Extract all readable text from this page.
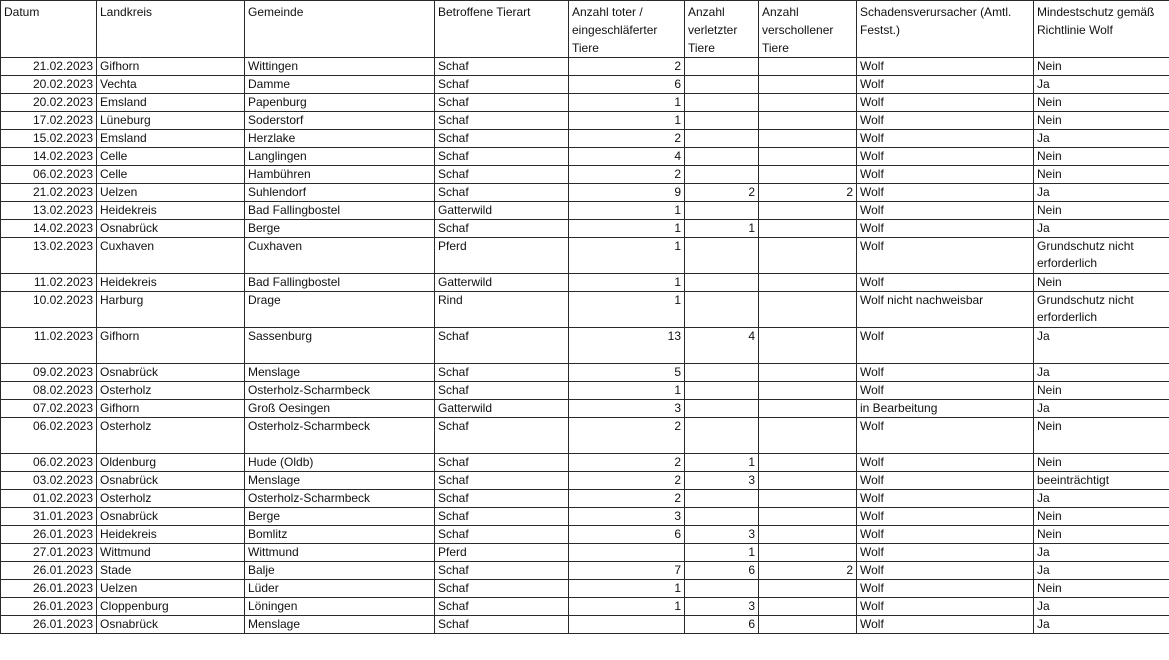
Datum	Landkreis	Gemeinde	Betroffene Tierart	Anzahl toter / eingeschläferter Tiere	Anzahl verletzter Tiere	Anzahl verschollener Tiere	Schadensverursacher (Amtl. Festst.)	Mindestschutz gemäß Richtlinie Wolf
21.02.2023	Gifhorn	Wittingen	Schaf	2			Wolf	Nein
20.02.2023	Vechta	Damme	Schaf	6			Wolf	Ja
20.02.2023	Emsland	Papenburg	Schaf	1			Wolf	Nein
17.02.2023	Lüneburg	Soderstorf	Schaf	1			Wolf	Nein
15.02.2023	Emsland	Herzlake	Schaf	2			Wolf	Ja
14.02.2023	Celle	Langlingen	Schaf	4			Wolf	Nein
06.02.2023	Celle	Hambühren	Schaf	2			Wolf	Nein
21.02.2023	Uelzen	Suhlendorf	Schaf	9	2	2	Wolf	Ja
13.02.2023	Heidekreis	Bad Fallingbostel	Gatterwild	1			Wolf	Nein
14.02.2023	Osnabrück	Berge	Schaf	1	1		Wolf	Ja
13.02.2023	Cuxhaven	Cuxhaven	Pferd	1			Wolf	Grundschutz nicht erforderlich
11.02.2023	Heidekreis	Bad Fallingbostel	Gatterwild	1			Wolf	Nein
10.02.2023	Harburg	Drage	Rind	1			Wolf nicht nachweisbar	Grundschutz nicht erforderlich
11.02.2023	Gifhorn	Sassenburg	Schaf	13	4		Wolf	Ja
09.02.2023	Osnabrück	Menslage	Schaf	5			Wolf	Ja
08.02.2023	Osterholz	Osterholz-Scharmbeck	Schaf	1			Wolf	Nein
07.02.2023	Gifhorn	Groß Oesingen	Gatterwild	3			in Bearbeitung	Ja
06.02.2023	Osterholz	Osterholz-Scharmbeck	Schaf	2			Wolf	Nein
06.02.2023	Oldenburg	Hude (Oldb)	Schaf	2	1		Wolf	Nein
03.02.2023	Osnabrück	Menslage	Schaf	2	3		Wolf	beeinträchtigt
01.02.2023	Osterholz	Osterholz-Scharmbeck	Schaf	2			Wolf	Ja
31.01.2023	Osnabrück	Berge	Schaf	3			Wolf	Nein
26.01.2023	Heidekreis	Bomlitz	Schaf	6	3		Wolf	Nein
27.01.2023	Wittmund	Wittmund	Pferd		1		Wolf	Ja
26.01.2023	Stade	Balje	Schaf	7	6	2	Wolf	Ja
26.01.2023	Uelzen	Lüder	Schaf	1			Wolf	Nein
26.01.2023	Cloppenburg	Löningen	Schaf	1	3		Wolf	Ja
26.01.2023	Osnabrück	Menslage	Schaf		6		Wolf	Ja
